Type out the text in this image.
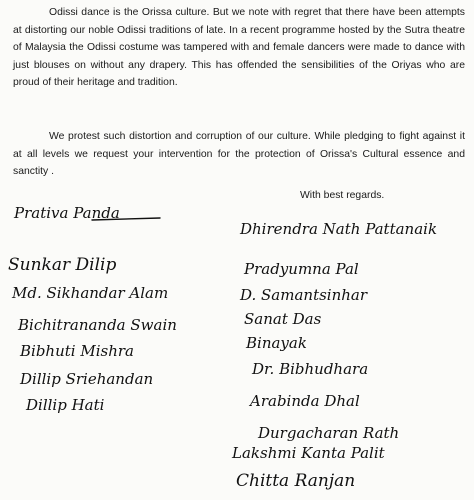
Odissi dance is the Orissa culture. But we note with regret that there have been attempts at distorting our noble Odissi traditions of late. In a recent programme hosted by the Sutra theatre of Malaysia the Odissi costume was tampered with and female dancers were made to dance with just blouses on without any drapery. This has offended the sensibilities of the Oriyas who are proud of their heritage and tradition.

We protest such distortion and corruption of our culture. While pledging to fight against it at all levels we request your intervention for the protection of Orissa's Cultural essence and sanctity .

With best regards.
Prativa Panda
Sunkar Dilip
Md. Sikhandar Alam
Bichitrananda Swain
Bibhuti Mishra
Dillip Sriehandan
Dillip Hati
Dhirendra Nath Pattanaik
Pradyumna Pal
D. Samantsinhar
Sanat Das
Binayak
Dr. Bibhudhara
Arabinda Dhal
Durgacharan Rath
Lakshmi Kanta Palit
Chitta Ranjan
